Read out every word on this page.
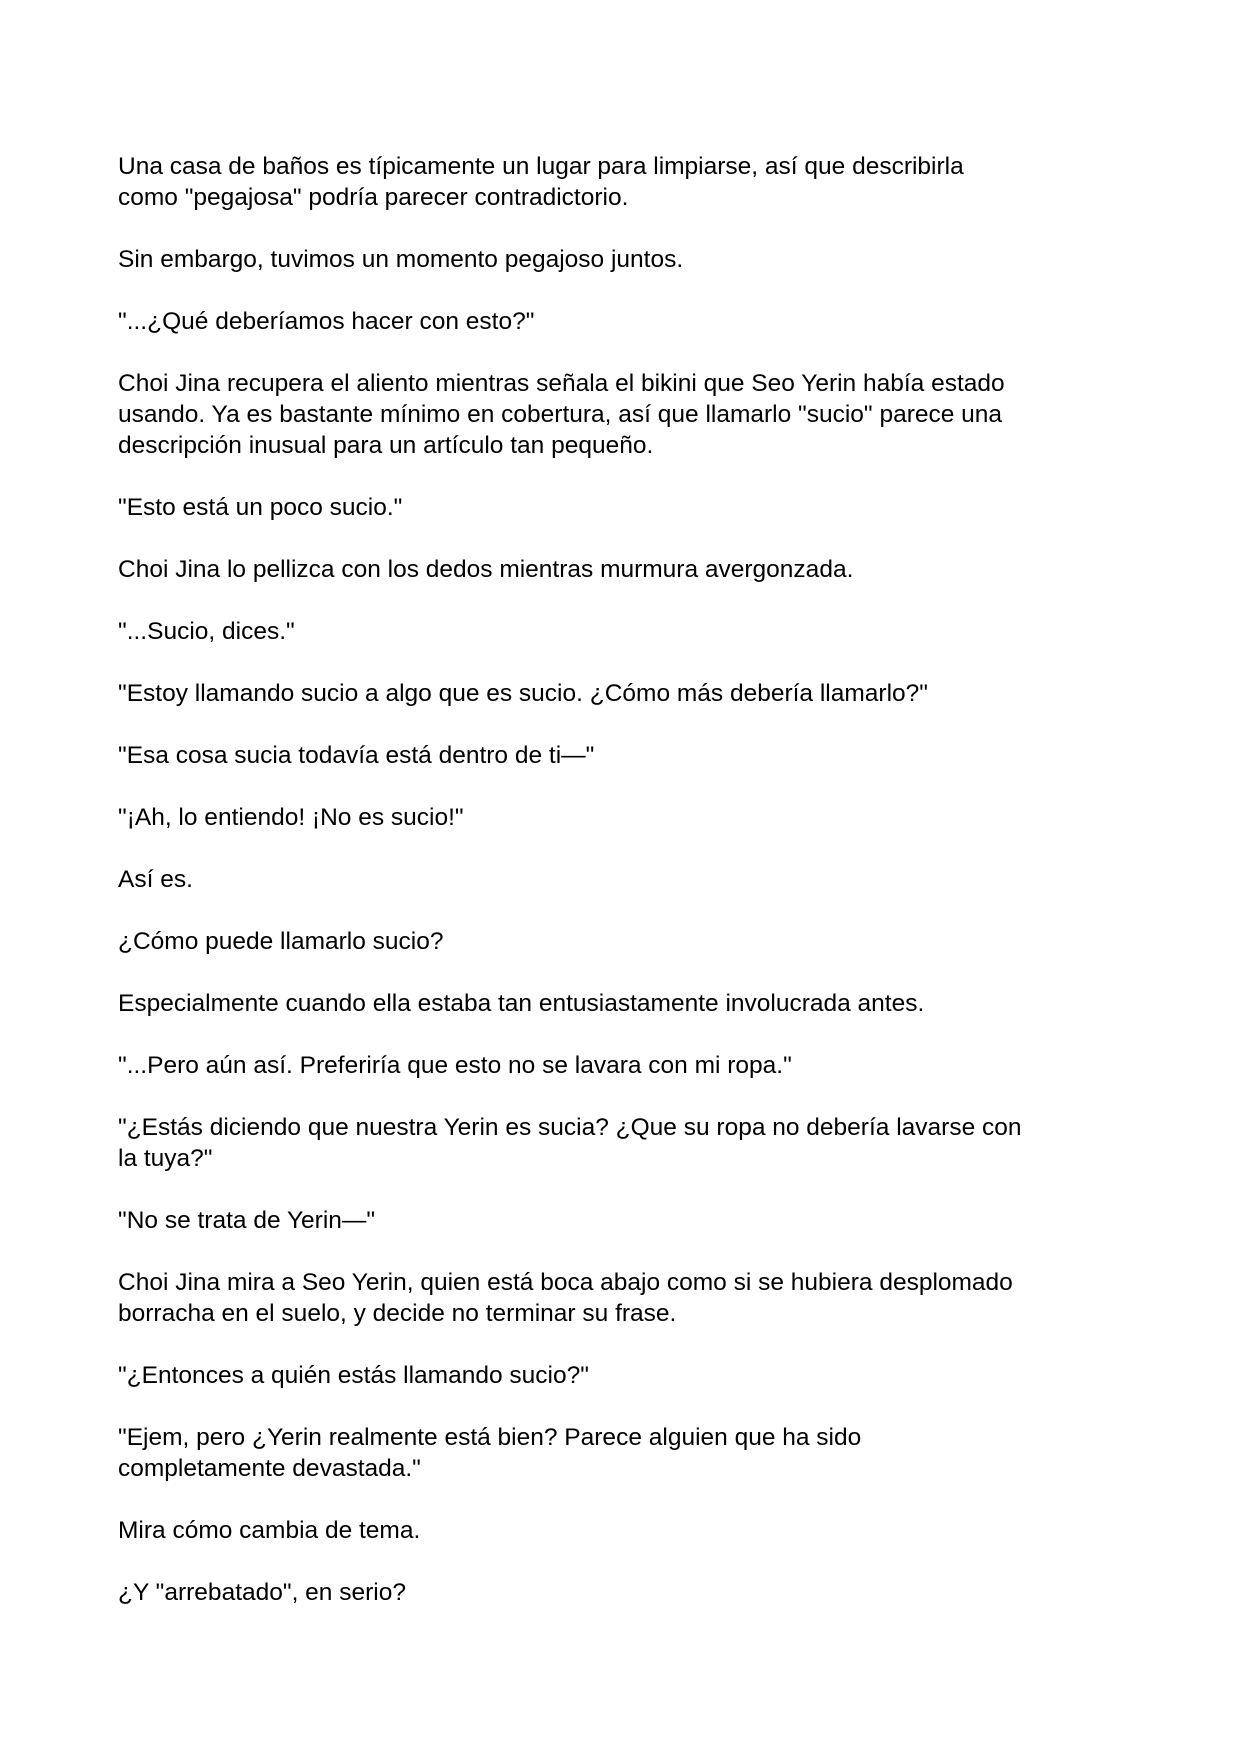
Una casa de baños es típicamente un lugar para limpiarse, así que describirla
como "pegajosa" podría parecer contradictorio.

Sin embargo, tuvimos un momento pegajoso juntos.

"...¿Qué deberíamos hacer con esto?"

Choi Jina recupera el aliento mientras señala el bikini que Seo Yerin había estado
usando. Ya es bastante mínimo en cobertura, así que llamarlo "sucio" parece una
descripción inusual para un artículo tan pequeño.

"Esto está un poco sucio."

Choi Jina lo pellizca con los dedos mientras murmura avergonzada.

"...Sucio, dices."

"Estoy llamando sucio a algo que es sucio. ¿Cómo más debería llamarlo?"

"Esa cosa sucia todavía está dentro de ti—"

"¡Ah, lo entiendo! ¡No es sucio!"

Así es.

¿Cómo puede llamarlo sucio?

Especialmente cuando ella estaba tan entusiastamente involucrada antes.

"...Pero aún así. Preferiría que esto no se lavara con mi ropa."

"¿Estás diciendo que nuestra Yerin es sucia? ¿Que su ropa no debería lavarse con
la tuya?"

"No se trata de Yerin—"

Choi Jina mira a Seo Yerin, quien está boca abajo como si se hubiera desplomado
borracha en el suelo, y decide no terminar su frase.

"¿Entonces a quién estás llamando sucio?"

"Ejem, pero ¿Yerin realmente está bien? Parece alguien que ha sido
completamente devastada."

Mira cómo cambia de tema.

¿Y "arrebatado", en serio?
